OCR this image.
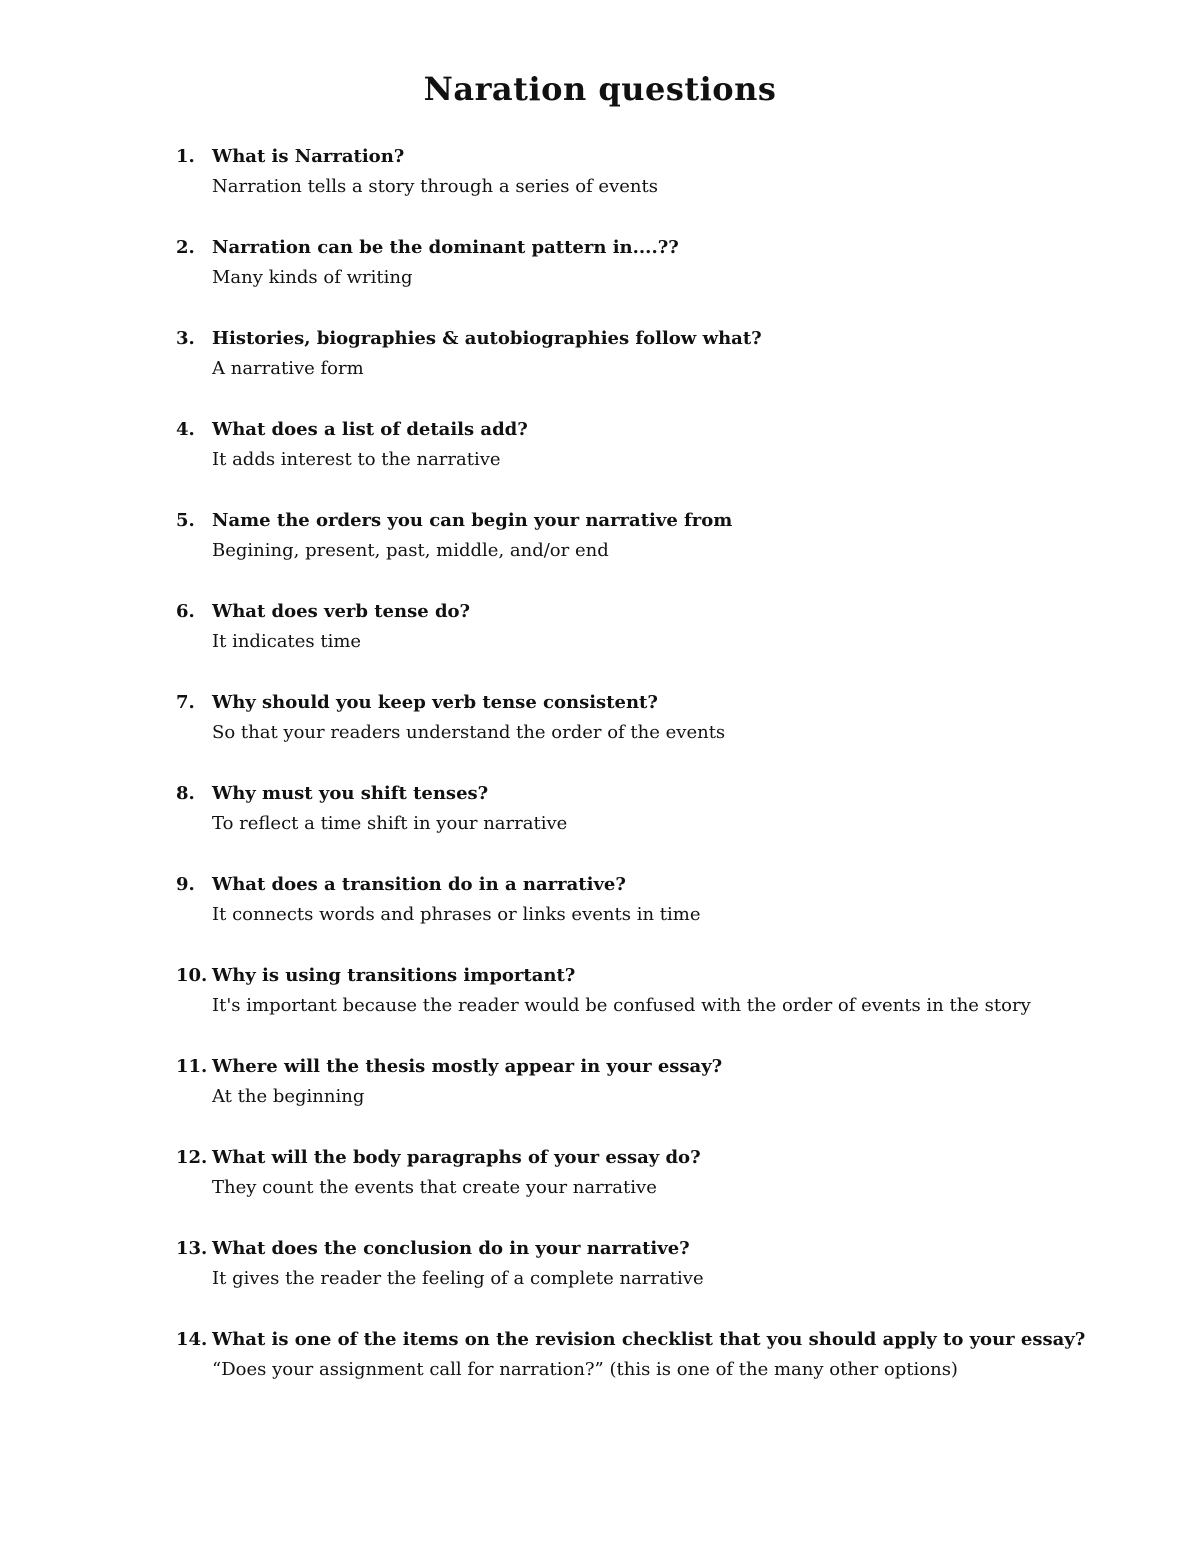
Naration questions
1. What is Narration?
Narration tells a story through a series of events
2. Narration can be the dominant pattern in....??
Many kinds of writing
3. Histories, biographies & autobiographies follow what?
A narrative form
4. What does a list of details add?
It adds interest to the narrative
5. Name the orders you can begin your narrative from
Begining, present, past, middle, and/or end
6. What does verb tense do?
It indicates time
7. Why should you keep verb tense consistent?
So that your readers understand the order of the events
8. Why must you shift tenses?
To reflect a time shift in your narrative
9. What does a transition do in a narrative?
It connects words and phrases or links events in time
10. Why is using transitions important?
It's important because the reader would be confused with the order of events in the story
11. Where will the thesis mostly appear in your essay?
At the beginning
12. What will the body paragraphs of your essay do?
They count the events that create your narrative
13. What does the conclusion do in your narrative?
It gives the reader the feeling of a complete narrative
14. What is one of the items on the revision checklist that you should apply to your essay?
“Does your assignment call for narration?” (this is one of the many other options)
